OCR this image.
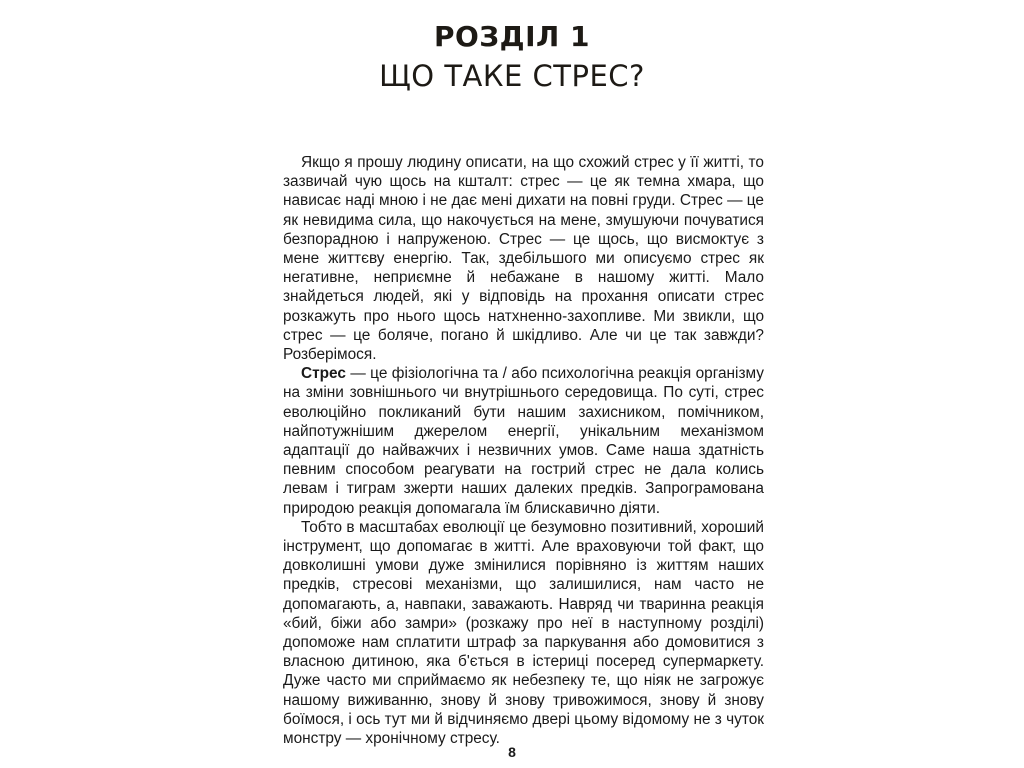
РОЗДІЛ 1
ЩО ТАКЕ СТРЕС?

Якщо я прошу людину описати, на що схожий стрес у її житті, то зазвичай чую щось на кшталт: стрес — це як темна хмара, що нависає наді мною і не дає мені дихати на повні груди. Стрес — це як невидима сила, що накочується на мене, змушуючи почуватися безпорадною і напруженою. Стрес — це щось, що висмоктує з мене життєву енергію. Так, здебільшого ми описуємо стрес як негативне, неприємне й небажане в нашому житті. Мало знайдеться людей, які у відповідь на прохання описати стрес розкажуть про нього щось натхненно-захопливе. Ми звикли, що стрес — це боляче, погано й шкідливо. Але чи це так завжди? Розберімося.

Стрес — це фізіологічна та / або психологічна реакція організму на зміни зовнішнього чи внутрішнього середовища. По суті, стрес еволюційно покликаний бути нашим захисником, помічником, найпотужнішим джерелом енергії, унікальним механізмом адаптації до найважчих і незвичних умов. Саме наша здатність певним способом реагувати на гострий стрес не дала колись левам і тиграм зжерти наших далеких предків. Запрограмована природою реакція допомагала їм блискавично діяти.

Тобто в масштабах еволюції це безумовно позитивний, хороший інструмент, що допомагає в житті. Але враховуючи той факт, що довколишні умови дуже змінилися порівняно із життям наших предків, стресові механізми, що залишилися, нам часто не допомагають, а, навпаки, заважають. Навряд чи тваринна реакція «бий, біжи або замри» (розкажу про неї в наступному розділі) допоможе нам сплатити штраф за паркування або домовитися з власною дитиною, яка б'ється в істериці посеред супермаркету. Дуже часто ми сприймаємо як небезпеку те, що ніяк не загрожує нашому виживанню, знову й знову тривожимося, знову й знову боїмося, і ось тут ми й відчиняємо двері цьому відомому не з чуток монстру — хронічному стресу.

8
